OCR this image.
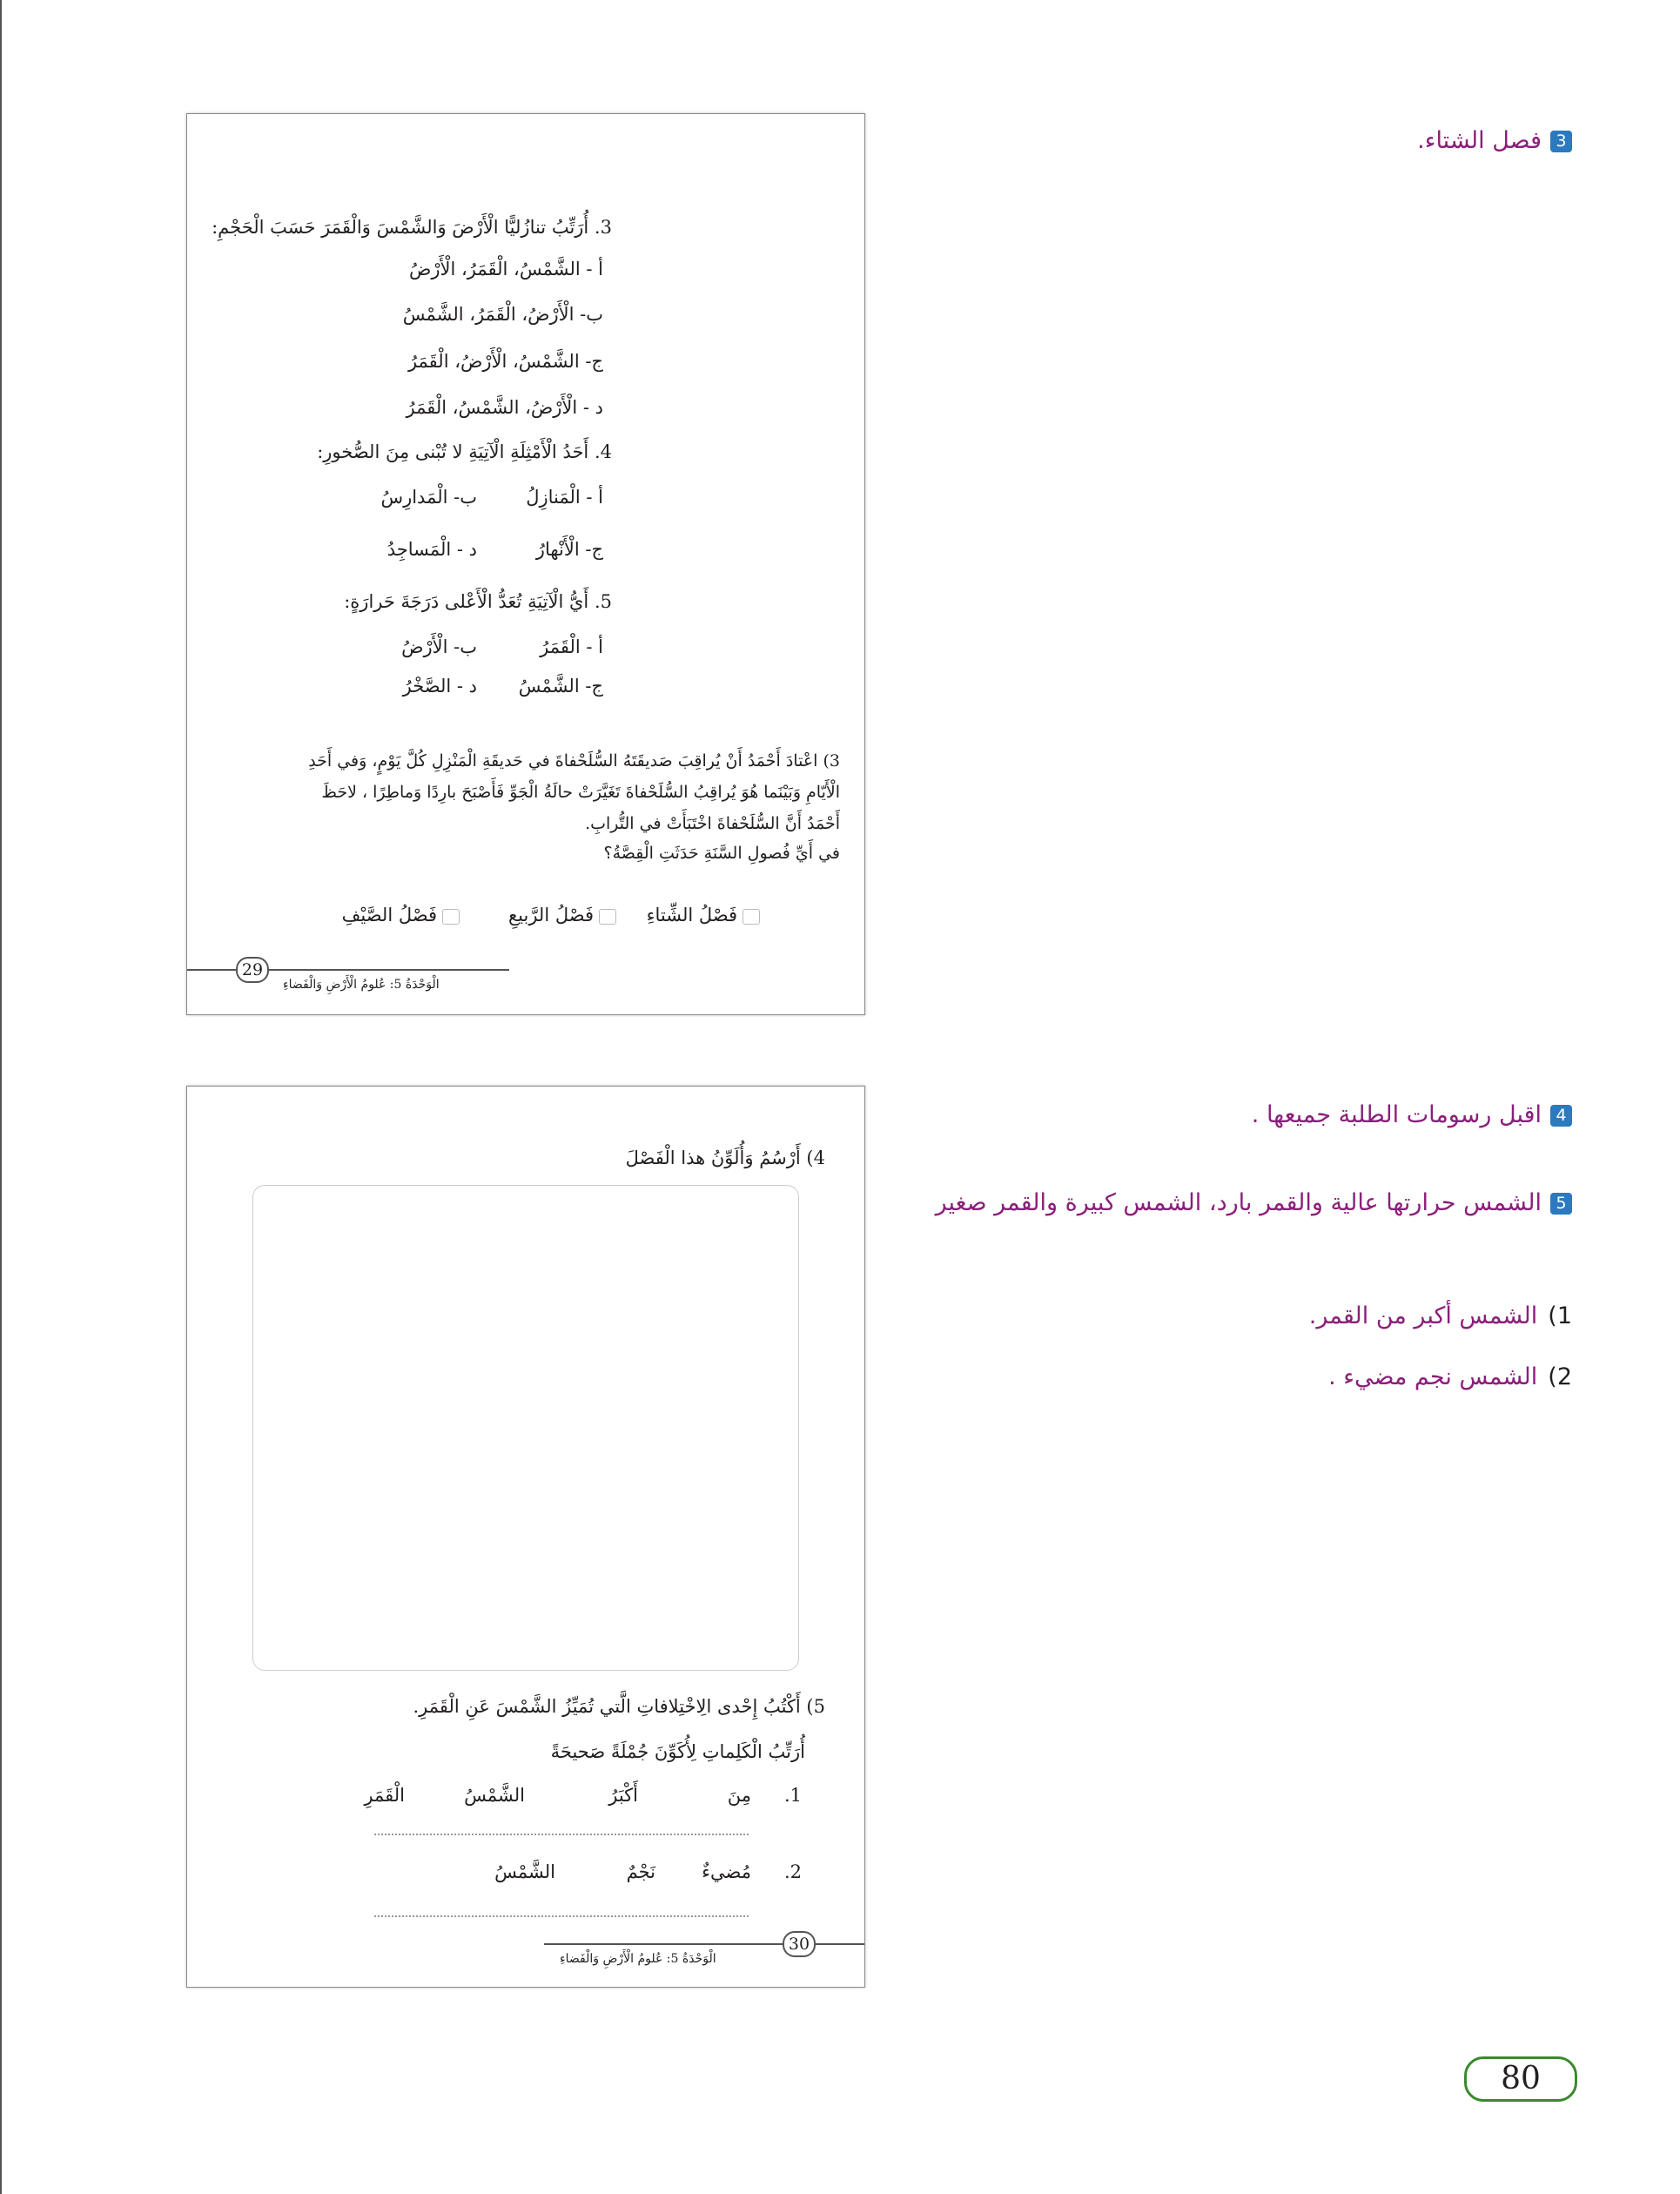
3. أُرَتِّبُ تنازُليًّا الْأَرْضَ وَالشَّمْسَ وَالْقَمَرَ حَسَبَ الْحَجْمِ:
أ - الشَّمْسُ، الْقَمَرُ، الْأَرْضُ
ب- الْأَرْضُ، الْقَمَرُ، الشَّمْسُ
ج- الشَّمْسُ، الْأَرْضُ، الْقَمَرُ
د - الْأَرْضُ، الشَّمْسُ، الْقَمَرُ
4. أَحَدُ الْأَمْثِلَةِ الْآتِيَةِ لا تُبْنى مِنَ الصُّخورِ:
أ - الْمَنازِلُ
ب- الْمَدارِسُ
ج- الْأَنْهارُ
د - الْمَساجِدُ
5. أَيُّ الْآتِيَةِ تُعَدُّ الْأَعْلى دَرَجَةَ حَرارَةٍ:
أ - الْقَمَرُ
ب- الْأَرْضُ
ج- الشَّمْسُ
د - الصَّخْرُ
3) اعْتادَ أَحْمَدُ أَنْ يُراقِبَ صَديقَتَهُ السُّلَحْفاةَ في حَديقَةِ الْمَنْزِلِ كُلَّ يَوْمٍ، وَفي أَحَدِ
الْأَيّامِ وَبَيْنَما هُوَ يُراقِبُ السُّلَحْفاةَ تَغَيَّرَتْ حالَةُ الْجَوِّ فَأَصْبَحَ بارِدًا وَماطِرًا ، لاحَظَ
أَحْمَدُ أَنَّ السُّلَحْفاةَ اخْتَبَأَتْ في التُّرابِ.
في أَيِّ فُصولِ السَّنَةِ حَدَثَتِ الْقِصَّةُ؟
فَصْلُ الشِّتاءِ
فَصْلُ الرَّبيعِ
فَصْلُ الصَّيْفِ
29
الْوَحْدَةُ 5: عُلومُ الْأَرْضِ وَالْفَضاءِ
4) أَرْسُمُ وَأُلَوِّنُ هذا الْفَصْلَ
5) أَكْتُبُ إِحْدى الِاخْتِلافاتِ الَّتي تُمَيِّزُ الشَّمْسَ عَنِ الْقَمَرِ.
أُرَتِّبُ الْكَلِماتِ لِأُكَوِّنَ جُمْلَةً صَحيحَةً
1.
مِنَ
أَكْبَرُ
الشَّمْسُ
الْقَمَرِ
2.
مُضيءٌ
نَجْمٌ
الشَّمْسُ
30
الْوَحْدَةُ 5: عُلومُ الْأَرْضِ وَالْفَضاءِ
3فصل الشتاء.
4اقبل رسومات الطلبة جميعها .
5الشمس حرارتها عالية والقمر بارد، الشمس كبيرة والقمر صغير
1)الشمس أكبر من القمر.
2)الشمس نجم مضيء .
80
